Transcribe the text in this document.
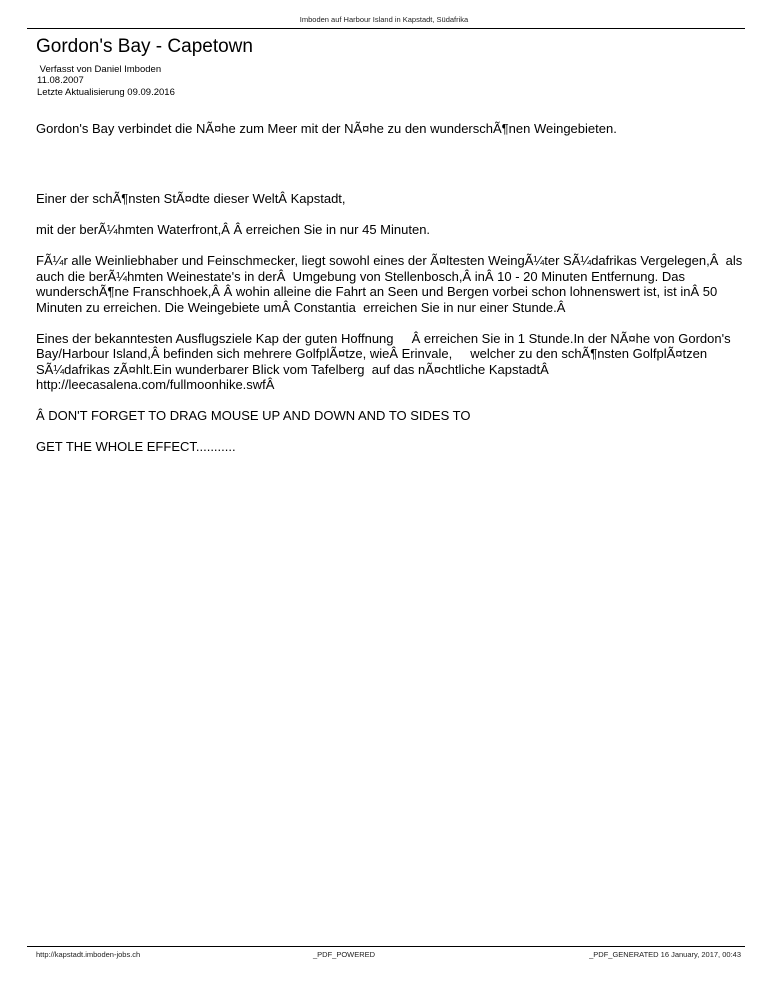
Imboden auf Harbour Island in Kapstadt, Südafrika
Gordon's Bay - Capetown
Verfasst von Daniel Imboden
11.08.2007
Letzte Aktualisierung 09.09.2016

Gordon's Bay verbindet die NÃ¤he zum Meer mit der NÃ¤he zu den wunderschÃ¶nen Weingebieten.

Einer der schÃ¶nsten StÃ¤dte dieser WeltÂ Kapstadt,

mit der berÃ¼hmten Waterfront,Â Â erreichen Sie in nur 45 Minuten.

FÃ¼r alle Weinliebhaber und Feinschmecker, liegt sowohl eines der Ã¤ltesten WeingÃ¼ter SÃ¼dafrikas Vergelegen,Â  als auch die berÃ¼hmten Weinestate's in derÂ  Umgebung von Stellenbosch,Â inÂ 10 - 20 Minuten Entfernung. Das wunderschÃ¶ne Franschhoek,Â Â wohin alleine die Fahrt an Seen und Bergen vorbei schon lohnenswert ist, ist inÂ 50 Minuten zu erreichen. Die Weingebiete umÂ Constantia  erreichen Sie in nur einer Stunde.Â

Eines der bekanntesten Ausflugsziele Kap der guten Hoffnung     Â erreichen Sie in 1 Stunde.In der NÃ¤he von Gordon's Bay/Harbour Island,Â befinden sich mehrere GolfplÃ¤tze, wieÂ Erinvale,     welcher zu den schÃ¶nsten GolfplÃ¤tzen SÃ¼dafrikas zÃ¤hlt.Ein wunderbarer Blick vom Tafelberg  auf das nÃ¤chtliche KapstadtÂ http://leecasalena.com/fullmoonhike.swfÂ

Â DON'T FORGET TO DRAG MOUSE UP AND DOWN AND TO SIDES TO

GET THE WHOLE EFFECT...........

http://kapstadt.imboden-jobs.ch	_PDF_POWERED	_PDF_GENERATED 16 January, 2017, 00:43
